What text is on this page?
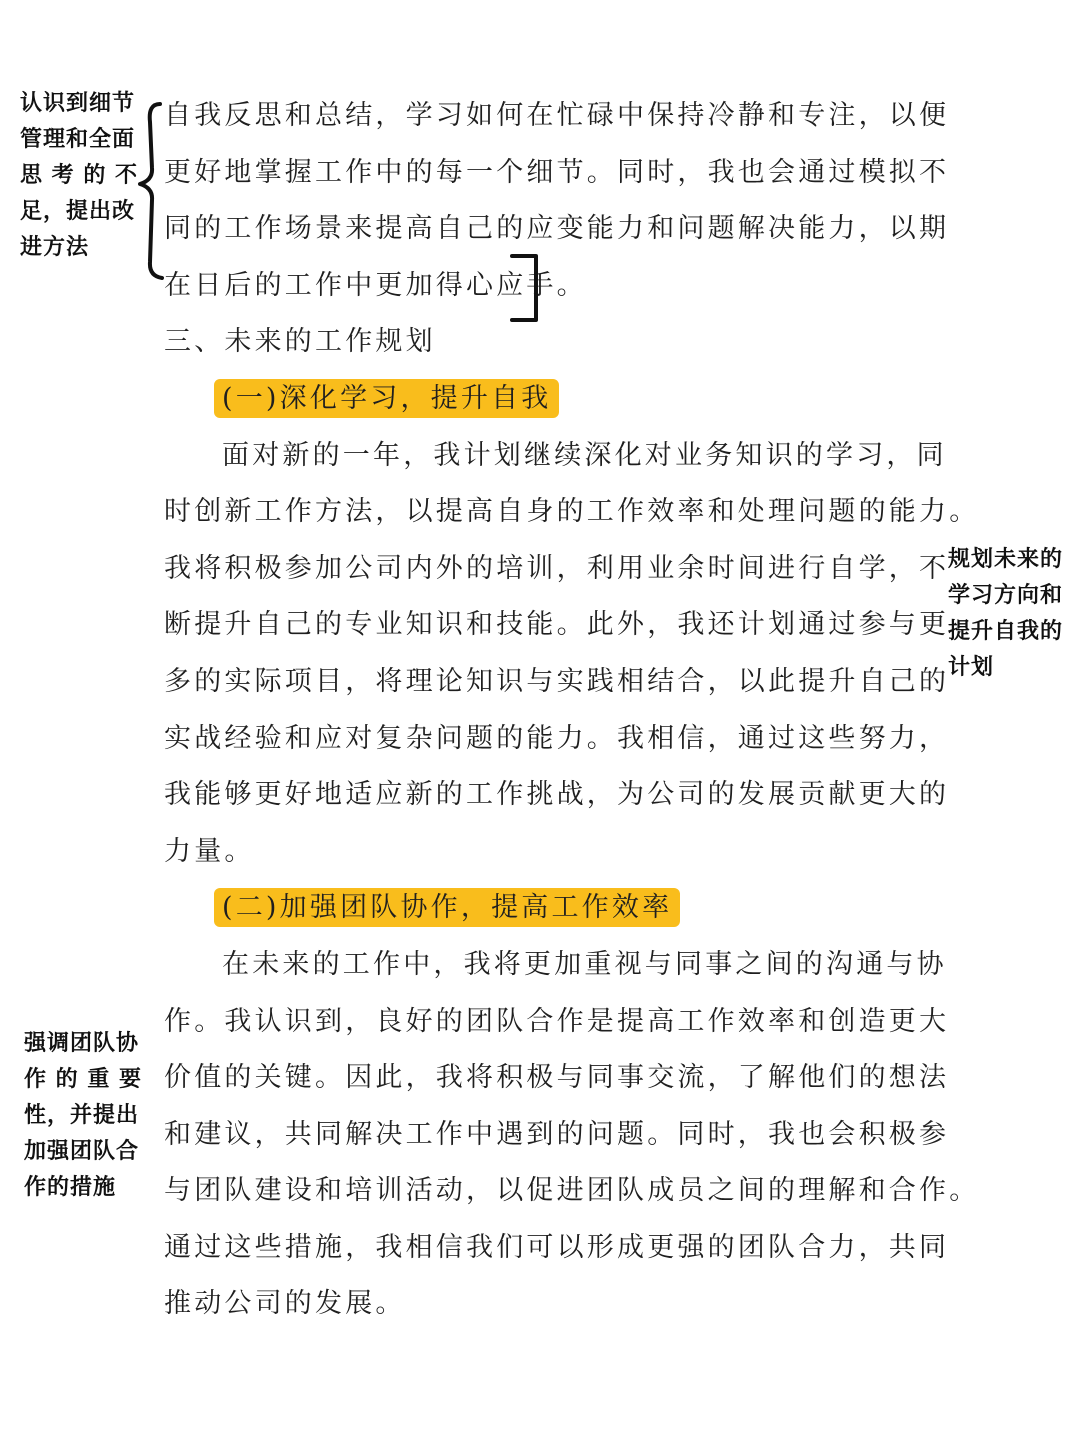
自我反思和总结，学习如何在忙碌中保持冷静和专注，以便
更好地掌握工作中的每一个细节。同时，我也会通过模拟不
同的工作场景来提高自己的应变能力和问题解决能力，以期
在日后的工作中更加得心应手。
三、未来的工作规划
(一)深化学习，提升自我
面对新的一年，我计划继续深化对业务知识的学习，同
时创新工作方法，以提高自身的工作效率和处理问题的能力。
我将积极参加公司内外的培训，利用业余时间进行自学，不
断提升自己的专业知识和技能。此外，我还计划通过参与更
多的实际项目，将理论知识与实践相结合，以此提升自己的
实战经验和应对复杂问题的能力。我相信，通过这些努力，
我能够更好地适应新的工作挑战，为公司的发展贡献更大的
力量。
(二)加强团队协作，提高工作效率
在未来的工作中，我将更加重视与同事之间的沟通与协
作。我认识到，良好的团队合作是提高工作效率和创造更大
价值的关键。因此，我将积极与同事交流，了解他们的想法
和建议，共同解决工作中遇到的问题。同时，我也会积极参
与团队建设和培训活动，以促进团队成员之间的理解和合作。
通过这些措施，我相信我们可以形成更强的团队合力，共同
推动公司的发展。
认识到细节
管理和全面
思 考 的 不
足，提出改
进方法
规划未来的
学习方向和
提升自我的
计划
强调团队协
作 的 重 要
性，并提出
加强团队合
作的措施
